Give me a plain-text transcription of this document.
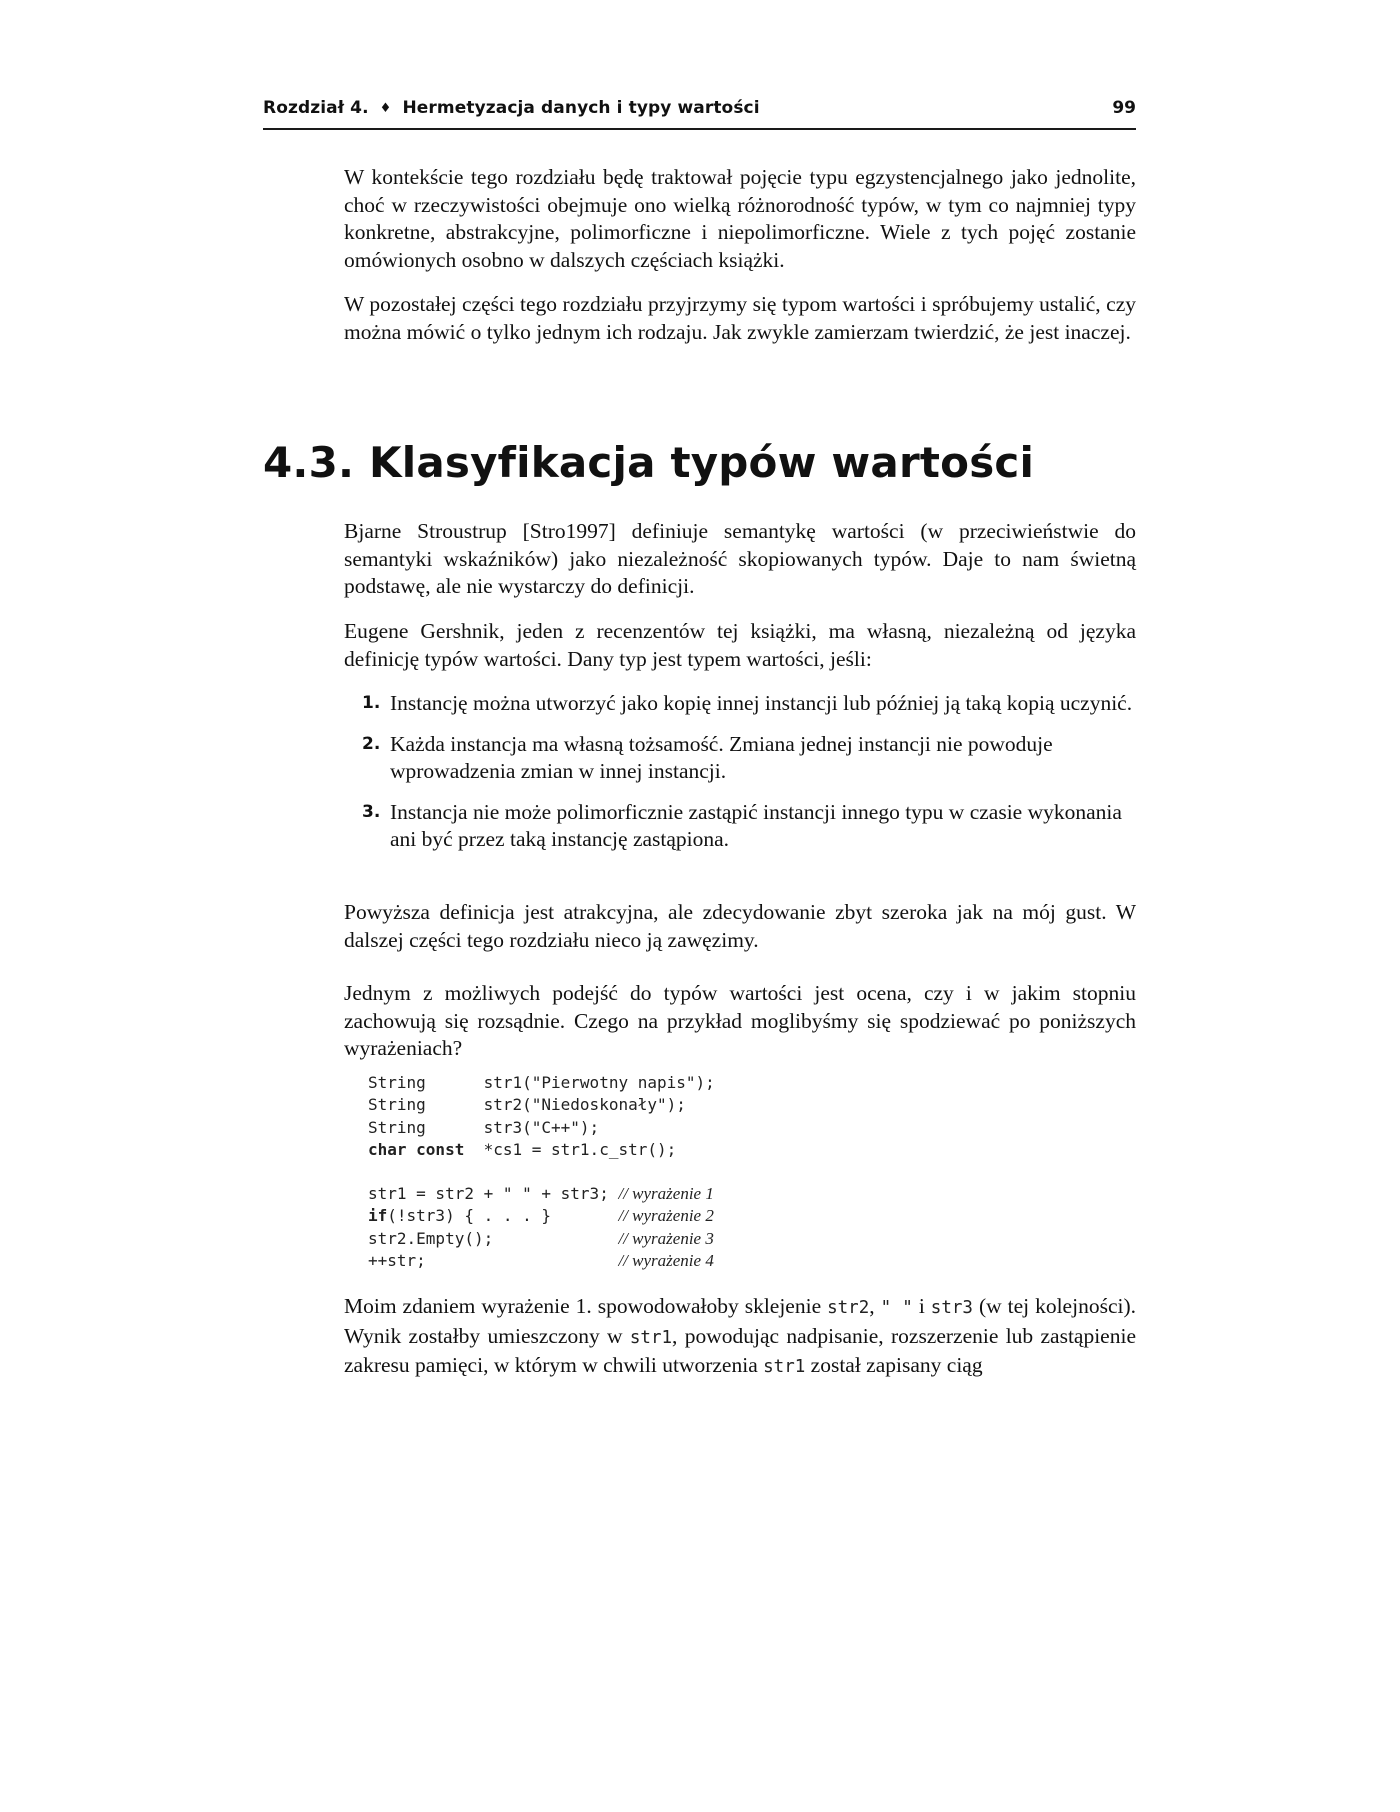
Rozdział 4. ♦ Hermetyzacja danych i typy wartości	99

W kontekście tego rozdziału będę traktował pojęcie typu egzystencjalnego jako jednolite, choć w rzeczywistości obejmuje ono wielką różnorodność typów, w tym co najmniej typy konkretne, abstrakcyjne, polimorficzne i niepolimorficzne. Wiele z tych pojęć zostanie omówionych osobno w dalszych częściach książki.

W pozostałej części tego rozdziału przyjrzymy się typom wartości i spróbujemy ustalić, czy można mówić o tylko jednym ich rodzaju. Jak zwykle zamierzam twierdzić, że jest inaczej.

4.3. Klasyfikacja typów wartości

Bjarne Stroustrup [Stro1997] definiuje semantykę wartości (w przeciwieństwie do semantyki wskaźników) jako niezależność skopiowanych typów. Daje to nam świetną podstawę, ale nie wystarczy do definicji.

Eugene Gershnik, jeden z recenzentów tej książki, ma własną, niezależną od języka definicję typów wartości. Dany typ jest typem wartości, jeśli:

1. Instancję można utworzyć jako kopię innej instancji lub później ją taką kopią uczynić.
2. Każda instancja ma własną tożsamość. Zmiana jednej instancji nie powoduje wprowadzenia zmian w innej instancji.
3. Instancja nie może polimorficznie zastąpić instancji innego typu w czasie wykonania ani być przez taką instancję zastąpiona.

Powyższa definicja jest atrakcyjna, ale zdecydowanie zbyt szeroka jak na mój gust. W dalszej części tego rozdziału nieco ją zawęzimy.

Jednym z możliwych podejść do typów wartości jest ocena, czy i w jakim stopniu zachowują się rozsądnie. Czego na przykład moglibyśmy się spodziewać po poniższych wyrażeniach?

String	str1("Pierwotny napis");
String	str2("Niedoskonały");
String	str3("C++");
char const *cs1 = str1.c_str();
str1 = str2 + " " + str3; // wyrażenie 1
if(!str3) { . . . }	// wyrażenie 2
str2.Empty();	// wyrażenie 3
++str;	// wyrażenie 4

Moim zdaniem wyrażenie 1. spowodowałoby sklejenie str2, " " i str3 (w tej kolejności). Wynik zostałby umieszczony w str1, powodując nadpisanie, rozszerzenie lub zastąpienie zakresu pamięci, w którym w chwili utworzenia str1 został zapisany ciąg
